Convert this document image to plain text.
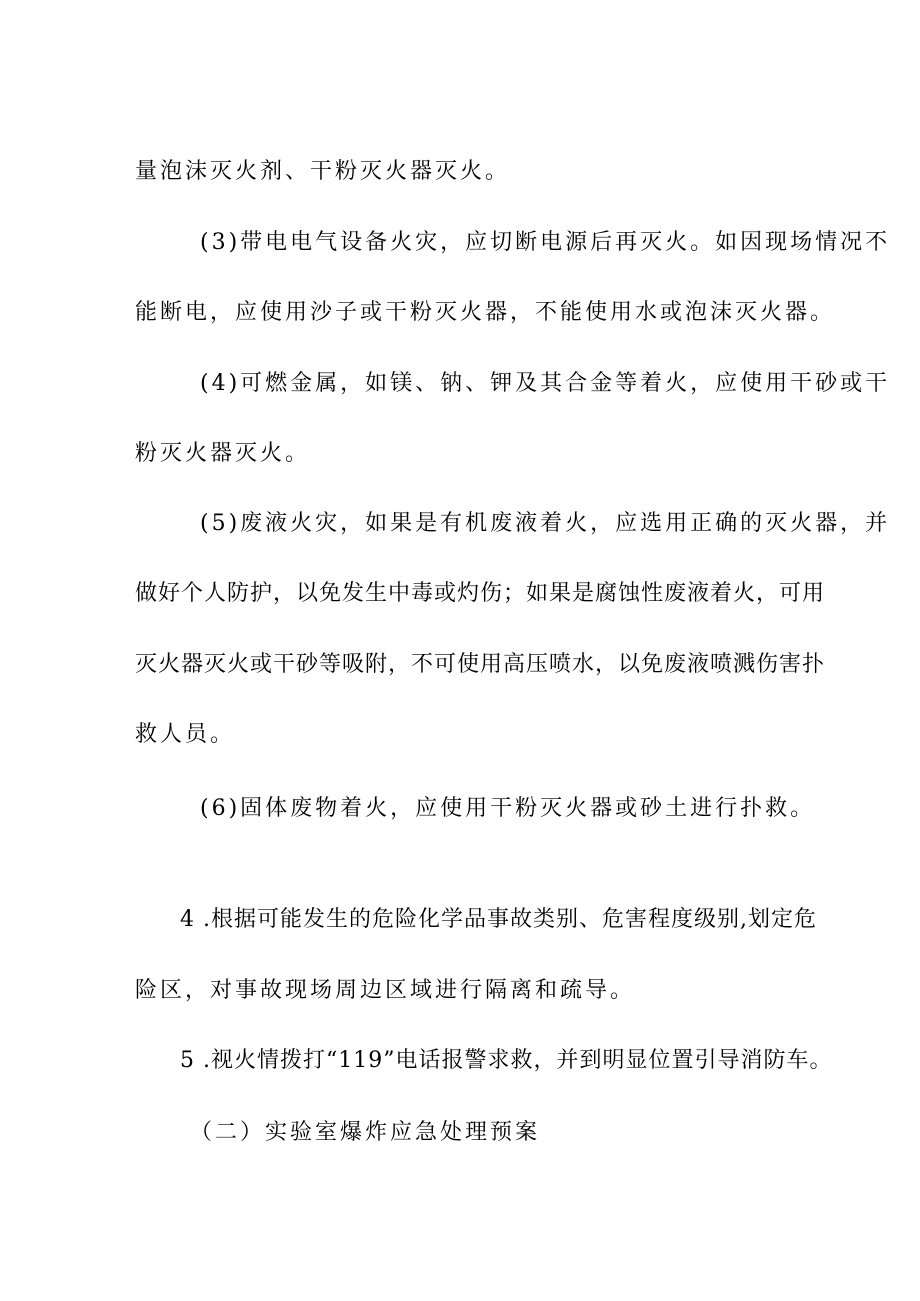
量泡沫灭火剂、干粉灭火器灭火。
(3)带电电气设备火灾，应切断电源后再灭火。如因现场情况不
能断电，应使用沙子或干粉灭火器，不能使用水或泡沫灭火器。
(4)可燃金属，如镁、钠、钾及其合金等着火，应使用干砂或干
粉灭火器灭火。
(5)废液火灾，如果是有机废液着火，应选用正确的灭火器，并
做好个人防护，以免发生中毒或灼伤；如果是腐蚀性废液着火，可用
灭火器灭火或干砂等吸附，不可使用高压喷水，以免废液喷溅伤害扑
救人员。
(6)固体废物着火，应使用干粉灭火器或砂土进行扑救。
4 .根据可能发生的危险化学品事故类别、危害程度级别,划定危
险区，对事故现场周边区域进行隔离和疏导。
5 .视火情拨打“119”电话报警求救，并到明显位置引导消防车。
（二）实验室爆炸应急处理预案
